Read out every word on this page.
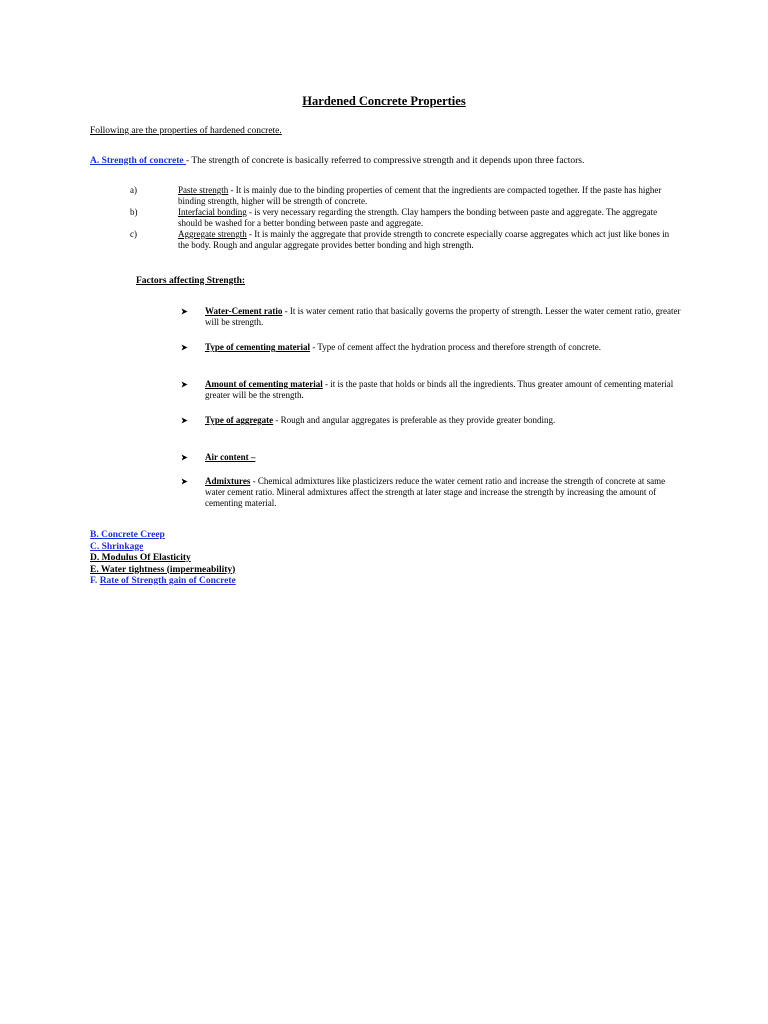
Hardened Concrete Properties
Following are the properties of hardened concrete.
A. Strength of concrete - The strength of concrete is basically referred to compressive strength and it depends upon three factors.
a)	Paste strength - It is mainly due to the binding properties of cement that the ingredients are compacted together. If the paste has higher binding strength, higher will be strength of concrete.
b)	Interfacial bonding - is very necessary regarding the strength. Clay hampers the bonding between paste and aggregate. The aggregate should be washed for a better bonding between paste and aggregate.
c)	Aggregate strength - It is mainly the aggregate that provide strength to concrete especially coarse aggregates which act just like bones in the body. Rough and angular aggregate provides better bonding and high strength.
Factors affecting Strength:
Water-Cement ratio - It is water cement ratio that basically governs the property of strength. Lesser the water cement ratio, greater will be strength.
Type of cementing material - Type of cement affect the hydration process and therefore strength of concrete.
Amount of cementing material - it is the paste that holds or binds all the ingredients. Thus greater amount of cementing material greater will be the strength.
Type of aggregate - Rough and angular aggregates is preferable as they provide greater bonding.
Air content –
Admixtures - Chemical admixtures like plasticizers reduce the water cement ratio and increase the strength of concrete at same water cement ratio. Mineral admixtures affect the strength at later stage and increase the strength by increasing the amount of cementing material.
B. Concrete Creep
C. Shrinkage
D. Modulus Of Elasticity
E. Water tightness (impermeability)
F. Rate of Strength gain of Concrete
